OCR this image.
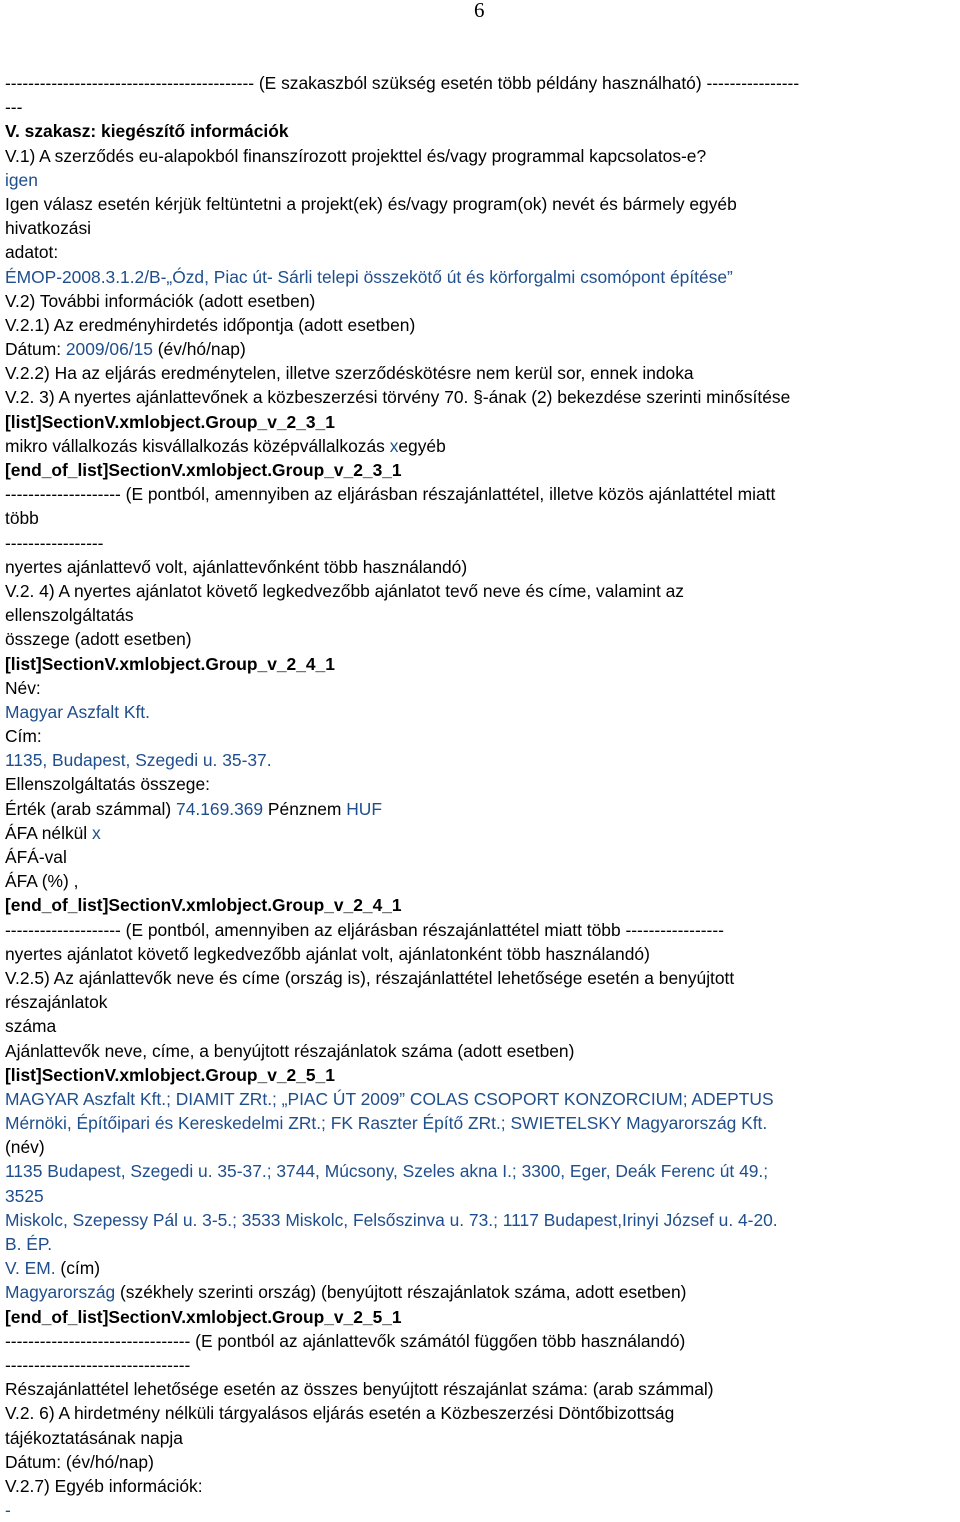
6
------------------------------------------- (E szakaszból szükség esetén több példány használható) ----------------
---
V. szakasz: kiegészítő információk
V.1) A szerződés eu-alapokból finanszírozott projekttel és/vagy programmal kapcsolatos-e?
igen
Igen válasz esetén kérjük feltüntetni a projekt(ek) és/vagy program(ok) nevét és bármely egyéb
hivatkozási
adatot:
ÉMOP-2008.3.1.2/B-„Ózd, Piac út- Sárli telepi összekötő út és körforgalmi csomópont építése”
V.2) További információk (adott esetben)
V.2.1) Az eredményhirdetés időpontja (adott esetben)
Dátum: 2009/06/15 (év/hó/nap)
V.2.2) Ha az eljárás eredménytelen, illetve szerződéskötésre nem kerül sor, ennek indoka
V.2. 3) A nyertes ajánlattevőnek a közbeszerzési törvény 70. §-ának (2) bekezdése szerinti minősítése
[list]SectionV.xmlobject.Group_v_2_3_1
mikro vállalkozás kisvállalkozás középvállalkozás xegyéb
[end_of_list]SectionV.xmlobject.Group_v_2_3_1
-------------------- (E pontból, amennyiben az eljárásban részajánlattétel, illetve közös ajánlattétel miatt
több
-----------------
nyertes ajánlattevő volt, ajánlattevőnként több használandó)
V.2. 4) A nyertes ajánlatot követő legkedvezőbb ajánlatot tevő neve és címe, valamint az
ellenszolgáltatás
összege (adott esetben)
[list]SectionV.xmlobject.Group_v_2_4_1
Név:
Magyar Aszfalt Kft.
Cím:
1135, Budapest, Szegedi u. 35-37.
Ellenszolgáltatás összege:
Érték (arab számmal) 74.169.369 Pénznem HUF
ÁFA nélkül x
ÁFÁ-val
ÁFA (%) ,
[end_of_list]SectionV.xmlobject.Group_v_2_4_1
-------------------- (E pontból, amennyiben az eljárásban részajánlattétel miatt több -----------------
nyertes ajánlatot követő legkedvezőbb ajánlat volt, ajánlatonként több használandó)
V.2.5) Az ajánlattevők neve és címe (ország is), részajánlattétel lehetősége esetén a benyújtott
részajánlatok
száma
Ajánlattevők neve, címe, a benyújtott részajánlatok száma (adott esetben)
[list]SectionV.xmlobject.Group_v_2_5_1
MAGYAR Aszfalt Kft.; DIAMIT ZRt.; „PIAC ÚT 2009” COLAS CSOPORT KONZORCIUM; ADEPTUS
Mérnöki, Építőipari és Kereskedelmi ZRt.; FK Raszter Építő ZRt.; SWIETELSKY Magyarország Kft.
(név)
1135 Budapest, Szegedi u. 35-37.; 3744, Múcsony, Szeles akna I.; 3300, Eger, Deák Ferenc út 49.;
3525
Miskolc, Szepessy Pál u. 3-5.; 3533 Miskolc, Felsőszinva u. 73.; 1117 Budapest,Irinyi József u. 4-20.
B. ÉP.
V. EM. (cím)
Magyarország (székhely szerinti ország) (benyújtott részajánlatok száma, adott esetben)
[end_of_list]SectionV.xmlobject.Group_v_2_5_1
-------------------------------- (E pontból az ajánlattevők számától függően több használandó)
--------------------------------
Részajánlattétel lehetősége esetén az összes benyújtott részajánlat száma: (arab számmal)
V.2. 6) A hirdetmény nélküli tárgyalásos eljárás esetén a Közbeszerzési Döntőbizottság
tájékoztatásának napja
Dátum: (év/hó/nap)
V.2.7) Egyéb információk:
-
